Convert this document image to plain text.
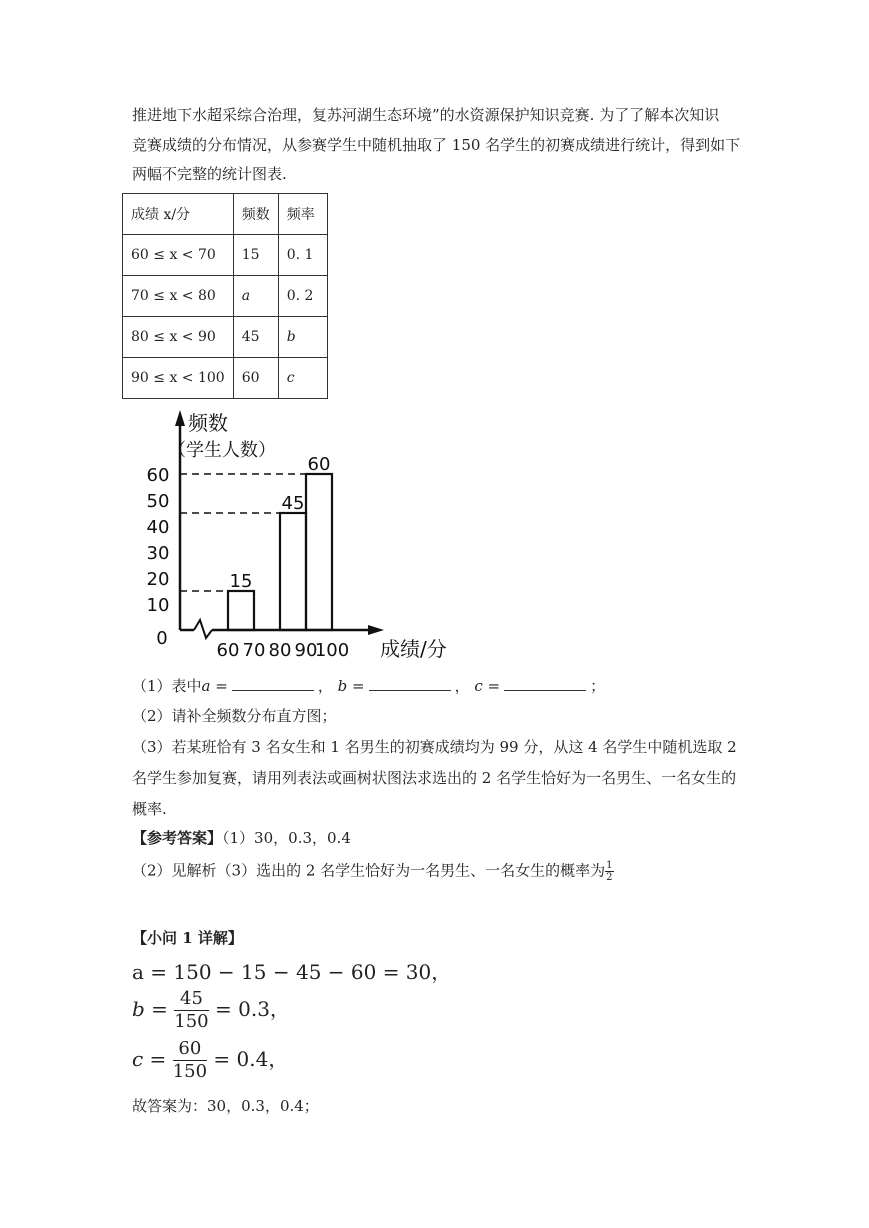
推进地下水超采综合治理，复苏河湖生态环境”的水资源保护知识竞赛. 为了了解本次知识
竞赛成绩的分布情况，从参赛学生中随机抽取了 150 名学生的初赛成绩进行统计，得到如下
两幅不完整的统计图表.
成绩 x/分	频数	频率
60 ≤ x < 70	15	0. 1
70 ≤ x < 80	a	0. 2
80 ≤ x < 90	45	b
90 ≤ x < 100	60	c
频数
（学生人数）
成绩/分
0
10
20
30
40
50
60
60 70 80 90
100
15
45
60
（1）表中a =	， b =	， c =	；
（2）请补全频数分布直方图；
（3）若某班恰有 3 名女生和 1 名男生的初赛成绩均为 99 分，从这 4 名学生中随机选取 2
名学生参加复赛，请用列表法或画树状图法求选出的 2 名学生恰好为一名男生、一名女生的
概率.
【参考答案】（1）30，0.3，0.4
（2）见解析（3）选出的 2 名学生恰好为一名男生、一名女生的概率为 $\frac{1}{2}$
【小问 1 详解】
a = 150 − 15 − 45 − 60 = 30，
$b = \frac{45}{150} = 0.3$，
$c = \frac{60}{150} = 0.4$，
故答案为：30，0.3，0.4；
